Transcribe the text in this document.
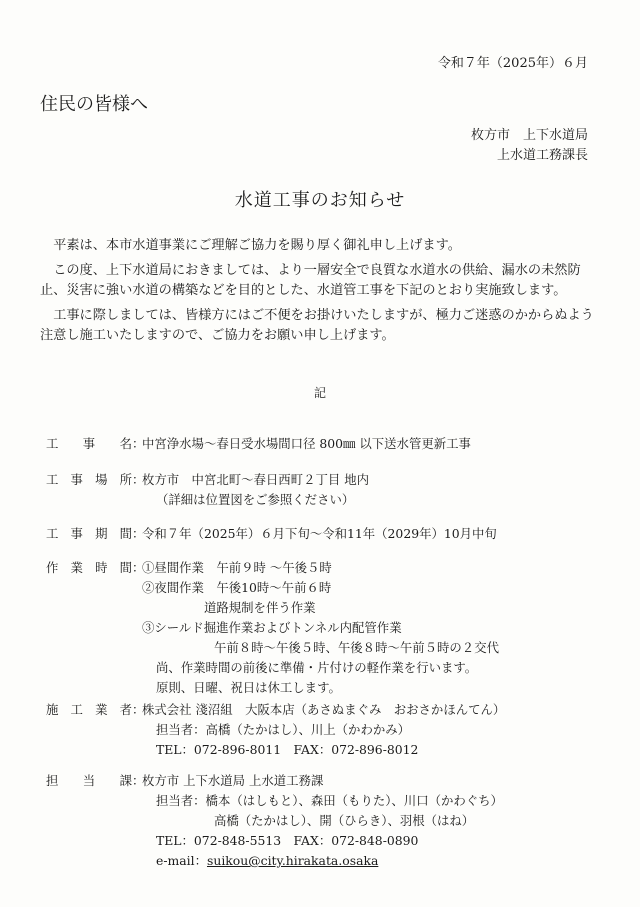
令和７年（2025年）６月
住民の皆様へ
枚方市　上下水道局
上水道工務課長
水道工事のお知らせ
平素は、本市水道事業にご理解ご協力を賜り厚く御礼申し上げます。
この度、上下水道局におきましては、より一層安全で良質な水道水の供給、漏水の未然防止、災害に強い水道の構築などを目的とした、水道管工事を下記のとおり実施致します。
工事に際しましては、皆様方にはご不便をお掛けいたしますが、極力ご迷惑のかからぬよう注意し施工いたしますので、ご協力をお願い申し上げます。
記
工事名：中宮浄水場～春日受水場間口径 800㎜ 以下送水管更新工事
工事場所：
枚方市　中宮北町～春日西町２丁目 地内
（詳細は位置図をご参照ください）
工事期間：令和７年（2025年）６月下旬～令和11年（2029年）10月中旬
作業時間：
①昼間作業　午前９時 ～午後５時
②夜間作業　午後10時～午前６時
道路規制を伴う作業
③シールド掘進作業およびトンネル内配管作業
午前８時～午後５時、午後８時～午前５時の２交代
尚、作業時間の前後に準備・片付けの軽作業を行います。
原則、日曜、祝日は休工します。
施工業者：
株式会社 淺沼組　大阪本店（あさぬまぐみ　おおさかほんてん）
担当者：高橋（たかはし）、川上（かわかみ）
TEL：072-896-8011　FAX：072-896-8012
担当課：
枚方市 上下水道局 上水道工務課
担当者：橋本（はしもと）、森田（もりた）、川口（かわぐち）
高橋（たかはし）、開（ひらき）、羽根（はね）
TEL：072-848-5513　FAX：072-848-0890
e-mail：suikou@city.hirakata.osaka
